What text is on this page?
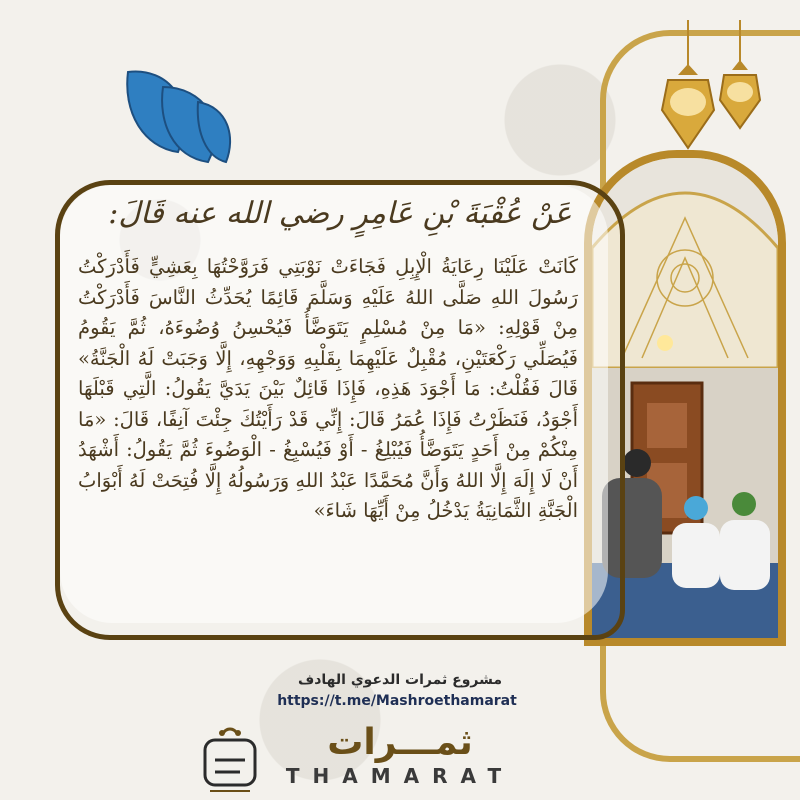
عَنْ عُقْبَةَ بْنِ عَامِرٍ رضي الله عنه قَالَ:
كَانَتْ عَلَيْنَا رِعَايَةُ الْإِبِلِ فَجَاءَتْ نَوْبَتِي فَرَوَّحْتُهَا بِعَشِيٍّ فَأَدْرَكْتُ رَسُولَ اللهِ صَلَّى اللهُ عَلَيْهِ وَسَلَّمَ قَائِمًا يُحَدِّثُ النَّاسَ فَأَدْرَكْتُ مِنْ قَوْلِهِ: «مَا مِنْ مُسْلِمٍ يَتَوَضَّأُ فَيُحْسِنُ وُضُوءَهُ، ثُمَّ يَقُومُ فَيُصَلِّي رَكْعَتَيْنِ، مُقْبِلٌ عَلَيْهِمَا بِقَلْبِهِ وَوَجْهِهِ، إِلَّا وَجَبَتْ لَهُ الْجَنَّةُ» قَالَ فَقُلْتُ: مَا أَجْوَدَ هَذِهِ، فَإِذَا قَائِلٌ بَيْنَ يَدَيَّ يَقُولُ: الَّتِي قَبْلَهَا أَجْوَدُ، فَنَظَرْتُ فَإِذَا عُمَرُ قَالَ: إِنِّي قَدْ رَأَيْتُكَ جِئْتَ آنِفًا، قَالَ: «مَا مِنْكُمْ مِنْ أَحَدٍ يَتَوَضَّأُ فَيُبْلِغُ - أَوْ فَيُسْبِغُ - الْوَضُوءَ ثُمَّ يَقُولُ: أَشْهَدُ أَنْ لَا إِلَهَ إِلَّا اللهُ وَأَنَّ مُحَمَّدًا عَبْدُ اللهِ وَرَسُولُهُ إِلَّا فُتِحَتْ لَهُ أَبْوَابُ الْجَنَّةِ الثَّمَانِيَةُ يَدْخُلُ مِنْ أَيِّهَا شَاءَ»
مشروع ثمرات الدعوي الهادف
https://t.me/Mashroethamarat
ثمـــرات
THAMARAT
